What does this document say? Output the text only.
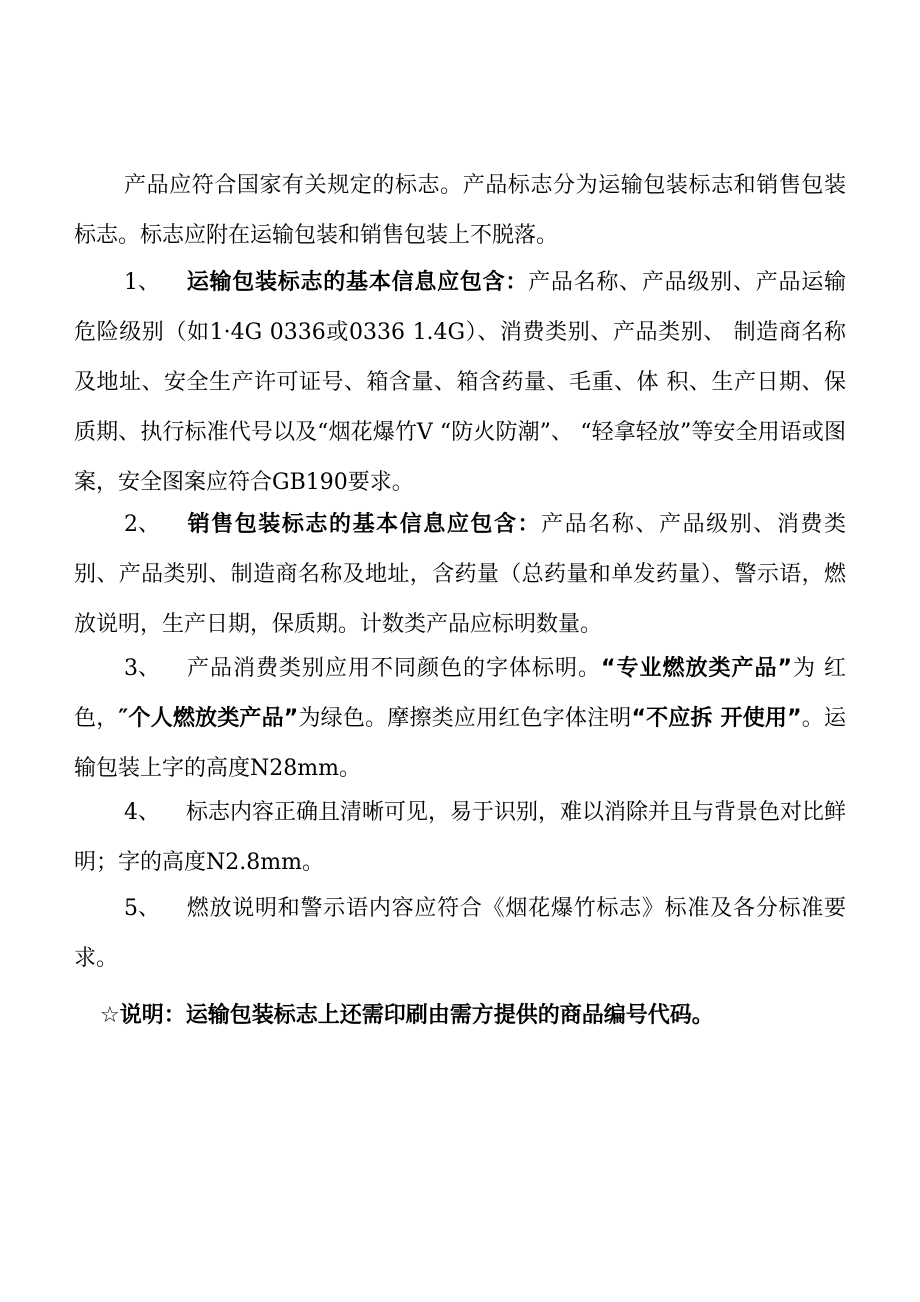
产品应符合国家有关规定的标志。产品标志分为运输包装标志和销售包装标志。标志应附在运输包装和销售包装上不脱落。

1、 运输包装标志的基本信息应包含：产品名称、产品级别、产品运输危险级别（如1·4G 0336或0336 1.4G）、消费类别、产品类别、 制造商名称及地址、安全生产许可证号、箱含量、箱含药量、毛重、体 积、生产日期、保质期、执行标准代号以及“烟花爆竹V “防火防潮”、 “轻拿轻放”等安全用语或图案，安全图案应符合GB190要求。

2、 销售包装标志的基本信息应包含：产品名称、产品级别、消费类别、产品类别、制造商名称及地址，含药量（总药量和单发药量）、警示语，燃放说明，生产日期，保质期。计数类产品应标明数量。

3、 产品消费类别应用不同颜色的字体标明。“专业燃放类产品”为 红色，″个人燃放类产品”为绿色。摩擦类应用红色字体注明“不应拆 开使用”。运输包装上字的高度N28mm。

4、 标志内容正确且清晰可见，易于识别，难以消除并且与背景色对比鲜明；字的高度N2.8mm。

5、 燃放说明和警示语内容应符合《烟花爆竹标志》标准及各分标准要求。

☆说明：运输包装标志上还需印刷由需方提供的商品编号代码。
